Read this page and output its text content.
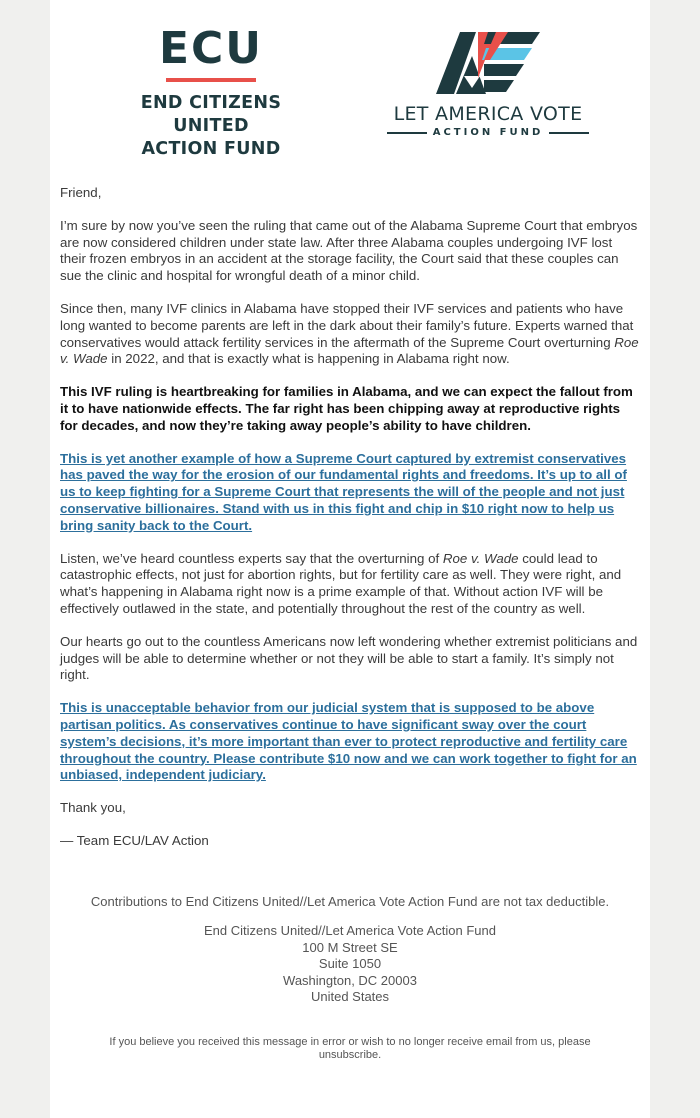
ECU
END CITIZENS UNITED
ACTION FUND
LET AMERICA VOTE
ACTION FUND

Friend,

I’m sure by now you’ve seen the ruling that came out of the Alabama Supreme Court that embryos are now considered children under state law. After three Alabama couples undergoing IVF lost their frozen embryos in an accident at the storage facility, the Court said that these couples can sue the clinic and hospital for wrongful death of a minor child.

Since then, many IVF clinics in Alabama have stopped their IVF services and patients who have long wanted to become parents are left in the dark about their family’s future. Experts warned that conservatives would attack fertility services in the aftermath of the Supreme Court overturning Roe v. Wade in 2022, and that is exactly what is happening in Alabama right now.

This IVF ruling is heartbreaking for families in Alabama, and we can expect the fallout from it to have nationwide effects. The far right has been chipping away at reproductive rights for decades, and now they’re taking away people’s ability to have children.

This is yet another example of how a Supreme Court captured by extremist conservatives has paved the way for the erosion of our fundamental rights and freedoms. It’s up to all of us to keep fighting for a Supreme Court that represents the will of the people and not just conservative billionaires. Stand with us in this fight and chip in $10 right now to help us bring sanity back to the Court.

Listen, we’ve heard countless experts say that the overturning of Roe v. Wade could lead to catastrophic effects, not just for abortion rights, but for fertility care as well. They were right, and what’s happening in Alabama right now is a prime example of that. Without action IVF will be effectively outlawed in the state, and potentially throughout the rest of the country as well.

Our hearts go out to the countless Americans now left wondering whether extremist politicians and judges will be able to determine whether or not they will be able to start a family. It’s simply not right.

This is unacceptable behavior from our judicial system that is supposed to be above partisan politics. As conservatives continue to have significant sway over the court system’s decisions, it’s more important than ever to protect reproductive and fertility care throughout the country. Please contribute $10 now and we can work together to fight for an unbiased, independent judiciary.

Thank you,

— Team ECU/LAV Action

Contributions to End Citizens United//Let America Vote Action Fund are not tax deductible.
End Citizens United//Let America Vote Action Fund
100 M Street SE
Suite 1050
Washington, DC 20003
United States
If you believe you received this message in error or wish to no longer receive email from us, please unsubscribe.
